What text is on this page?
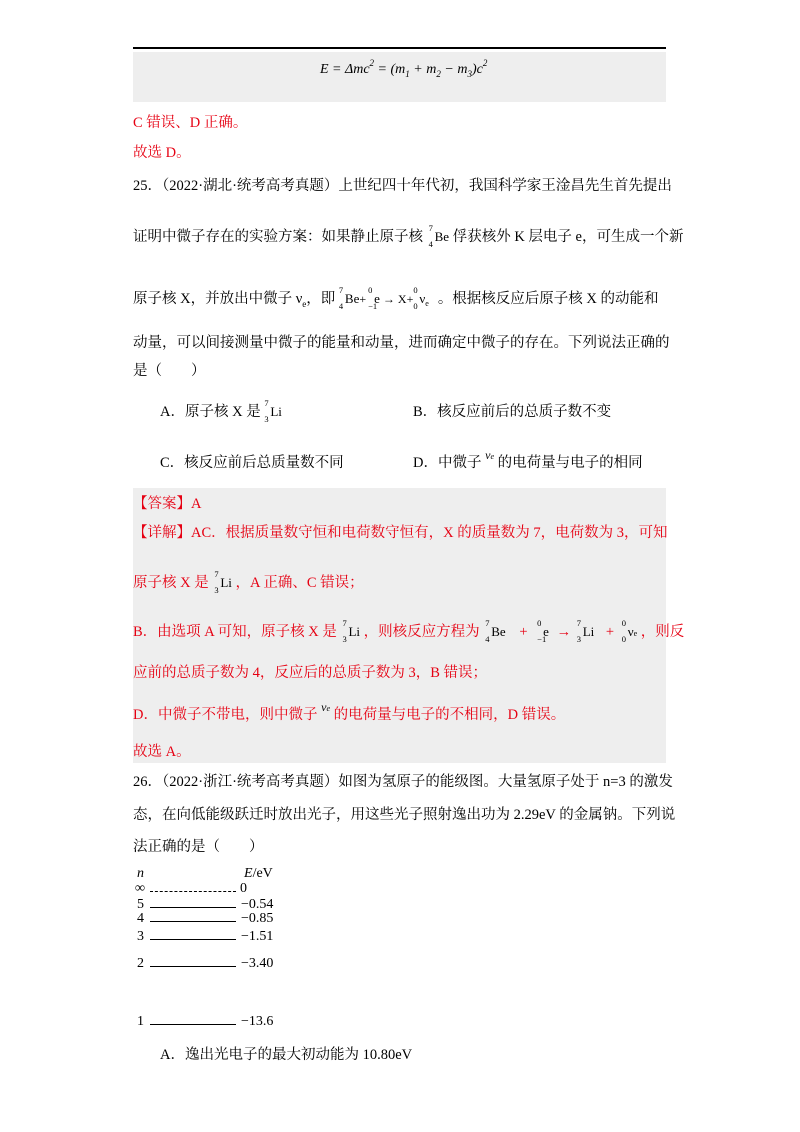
$E = \Delta mc^2 = (m_1 + m_2 - m_3)c^2$
C 错误、D 正确。
故选 D。
25．（2022·湖北·统考高考真题）上世纪四十年代初，我国科学家王淦昌先生首先提出
证明中微子存在的实验方案：如果静止原子核
7
4 Be 俘获核外 K 层电子 e，可生成一个新
原子核 X，并放出中微子 $\nu_e$，即
7
4 Be+
0
−1
e → X+
0
0 $\nu_e$ 。根据核反应后原子核 X 的动能和
动量，可以间接测量中微子的能量和动量，进而确定中微子的存在。下列说法正确的
是（　　）
A．原子核 X 是
7
3 Li	B．核反应前后的总质子数不变
C．核反应前后总质量数不同	D．中微子 $^{\nu e}$ 的电荷量与电子的相同
【答案】A
【详解】AC．根据质量数守恒和电荷数守恒有，X 的质量数为 7，电荷数为 3，可知
原子核 X 是
7
3 Li ，A 正确、C 错误；
B．由选项 A 可知，原子核 X 是
7
3 Li ，则核反应方程为
7
4 Be +
0
−1
e →
7
3 Li +
0
0 νe ，则反
应前的总质子数为 4，反应后的总质子数为 3，B 错误；
D．中微子不带电，则中微子 $^{\nu e}$ 的电荷量与电子的不相同，D 错误。
故选 A。
26．（2022·浙江·统考高考真题）如图为氢原子的能级图。大量氢原子处于 n=3 的激发
态，在向低能级跃迁时放出光子，用这些光子照射逸出功为 2.29eV 的金属钠。下列说
法正确的是（　　）
n	E/eV
∞	0
5	−0.54
4	−0.85
3	−1.51
2	−3.40
1	−13.6
A．逸出光电子的最大初动能为 10.80eV
